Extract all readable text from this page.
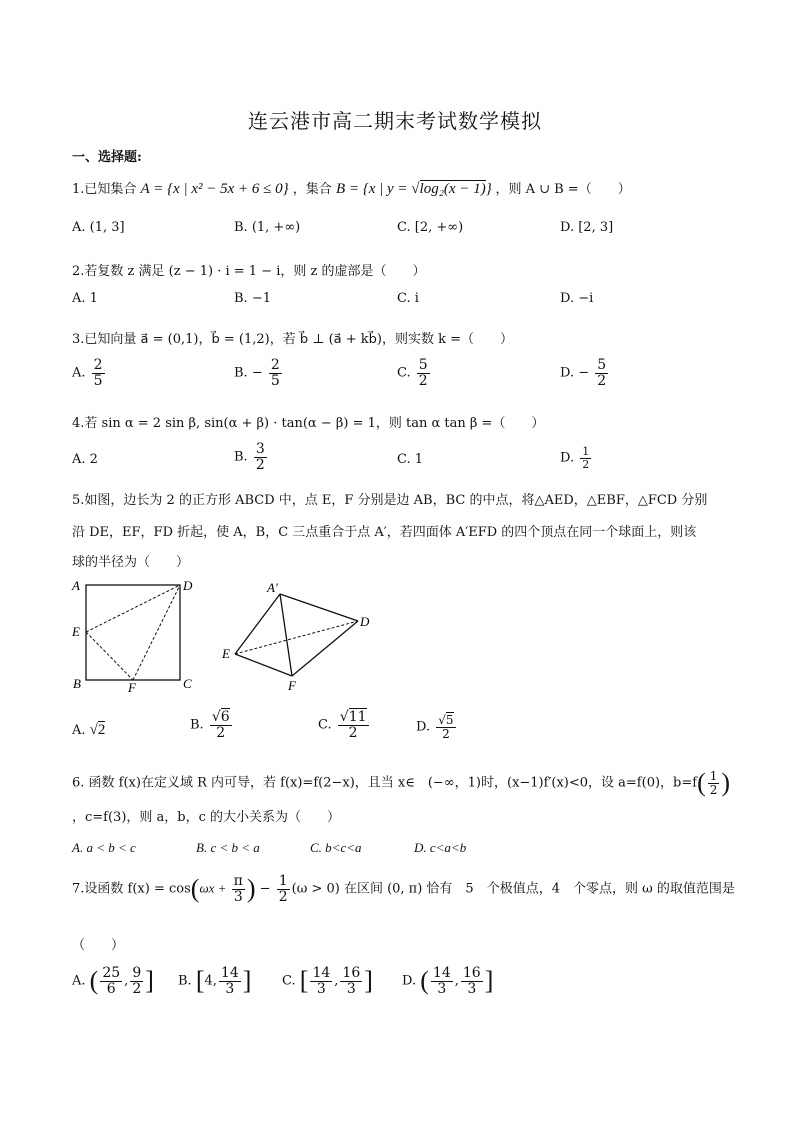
连云港市高二期末考试数学模拟
一、选择题:
1.已知集合 A = {x | x² − 5x + 6 ≤ 0} ，集合 B = {x | y = √log₂(x − 1)} ，则 A ∪ B =（　　）
A. (1, 3]	B. (1, +∞)	C. [2, +∞)	D. [2, 3]
2.若复数 z 满足 (z − 1) · i = 1 − i，则 z 的虚部是（　　）
A. 1	B. −1	C. i	D. −i
3.已知向量 a⃗ = (0,1)，b⃗ = (1,2)，若 b⃗ ⊥ (a⃗ + kb⃗)，则实数 k =（　　）
A. $\frac{2}{5}$	B. − $\frac{2}{5}$	C. $\frac{5}{2}$	D. − $\frac{5}{2}$
4.若 sin α = 2 sin β, sin(α + β) · tan(α − β) = 1，则 tan α tan β =（　　）
A. 2	B. $\frac{3}{2}$	C. 1	D. $\frac{1}{2}$
5.如图，边长为 2 的正方形 ABCD 中，点 E，F 分别是边 AB，BC 的中点，将△AED，△EBF，△FCD 分别
沿 DE，EF，FD 折起，使 A，B，C 三点重合于点 A′，若四面体 A′EFD 的四个顶点在同一个球面上，则该
球的半径为（　　）
A	D
E
B	F	C
A′
D
E
F
A. √2	B. $\frac{√6}{2}$	C. $\frac{√11}{2}$	D. $\frac{√5}{2}$
6. 函数 f(x)在定义域 R 内可导，若 f(x)=f(2−x)，且当 x∈　(−∞，1)时，(x−1)f′(x)<0，设 a=f(0)，$b=f( \frac{1}{2}$ )
，c=f(3)，则 a，b，c 的大小关系为（　　）
A. a < b < c	B. c < b < a	C. b<c<a	D. c<a<b
7.设函数 $f(x) = \cos(\omega x + \frac{\pi}{3}$ ) − $\frac{1}{2} (\omega > 0)$ 在区间 (0, π) 恰有　5　个极值点，4　个零点，则 ω 的取值范围是
（　　）
A. ( $\frac{25}{6}$ , $\frac{9}{2}$ ] B. [4, $\frac{14}{3}$ ] C. [ $\frac{14}{3}$ , $\frac{16}{3}$ ] D. ( $\frac{14}{3}$ , $\frac{16}{3}$ ]
